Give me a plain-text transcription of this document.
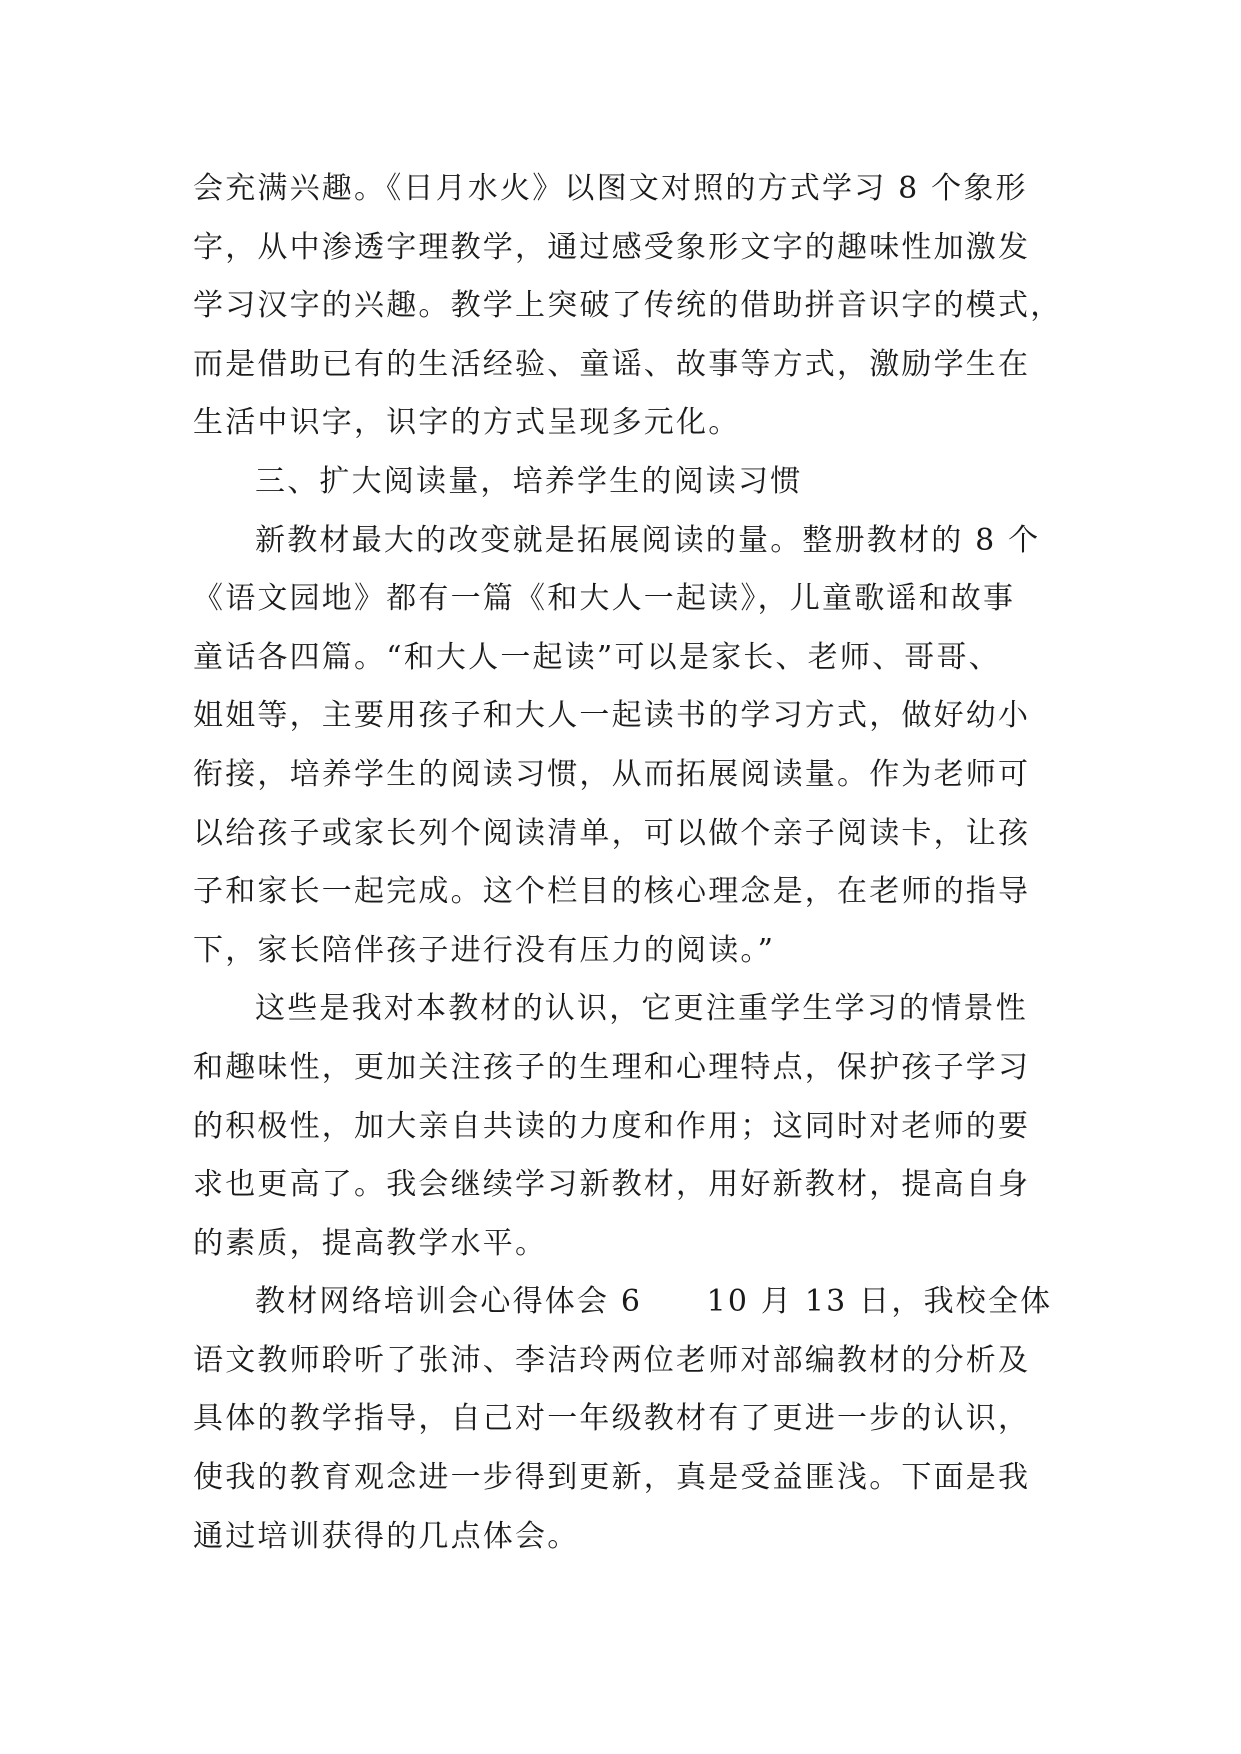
会充满兴趣。《日月水火》以图文对照的方式学习 8 个象形
字，从中渗透字理教学，通过感受象形文字的趣味性加激发
学习汉字的兴趣。教学上突破了传统的借助拼音识字的模式，
而是借助已有的生活经验、童谣、故事等方式，激励学生在
生活中识字，识字的方式呈现多元化。
三、扩大阅读量，培养学生的阅读习惯
新教材最大的改变就是拓展阅读的量。整册教材的 8 个
《语文园地》都有一篇《和大人一起读》，儿童歌谣和故事
童话各四篇。“和大人一起读”可以是家长、老师、哥哥、
姐姐等，主要用孩子和大人一起读书的学习方式，做好幼小
衔接，培养学生的阅读习惯，从而拓展阅读量。作为老师可
以给孩子或家长列个阅读清单，可以做个亲子阅读卡，让孩
子和家长一起完成。这个栏目的核心理念是，在老师的指导
下，家长陪伴孩子进行没有压力的阅读。”
这些是我对本教材的认识，它更注重学生学习的情景性
和趣味性，更加关注孩子的生理和心理特点，保护孩子学习
的积极性，加大亲自共读的力度和作用；这同时对老师的要
求也更高了。我会继续学习新教材，用好新教材，提高自身
的素质，提高教学水平。
教材网络培训会心得体会 6　　10 月 13 日，我校全体
语文教师聆听了张沛、李洁玲两位老师对部编教材的分析及
具体的教学指导，自己对一年级教材有了更进一步的认识，
使我的教育观念进一步得到更新，真是受益匪浅。下面是我
通过培训获得的几点体会。
